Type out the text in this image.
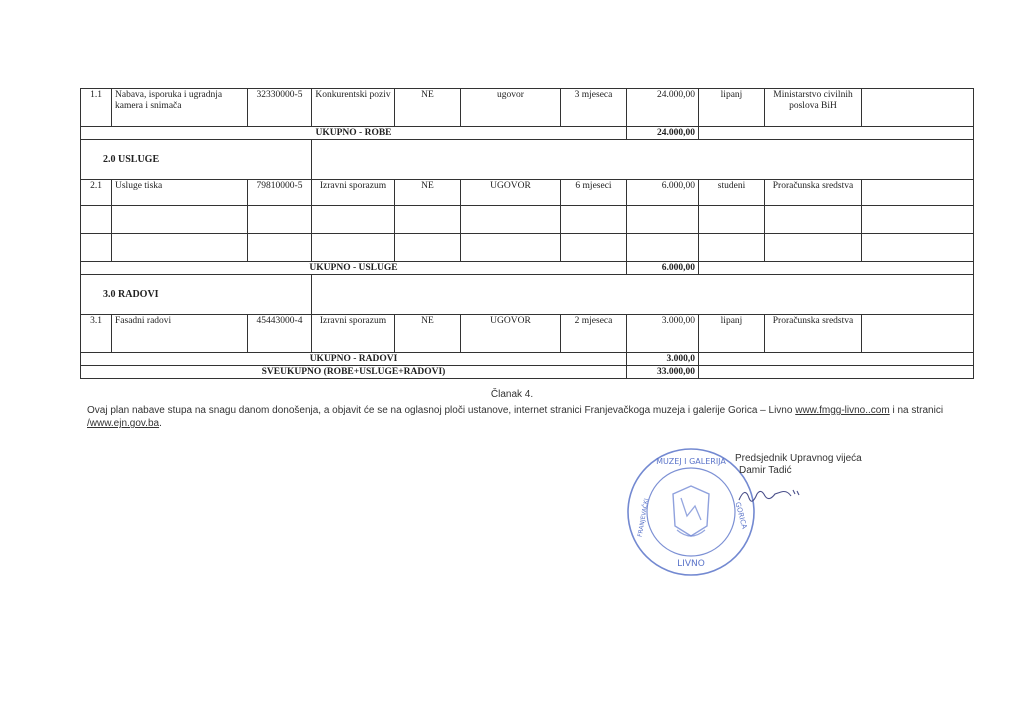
1.1	Nabava, isporuka i ugradnja kamera i snimača	32330000-5	Konkurentski poziv	NE	ugovor	3 mjeseca	24.000,00	lipanj	Ministarstvo civilnih poslova BiH	
UKUPNO - ROBE							24.000,00			
2.0 USLUGE										
2.1	Usluge tiska	79810000-5	Izravni sporazum	NE	UGOVOR	6 mjeseci	6.000,00	studeni	Proračunska sredstva	

UKUPNO - USLUGE							6.000,00			
3.0 RADOVI										
3.1	Fasadni radovi	45443000-4	Izravni sporazum	NE	UGOVOR	2 mjeseca	3.000,00	lipanj	Proračunska sredstva	
UKUPNO - RADOVI							3.000,0			
SVEUKUPNO (ROBE+USLUGE+RADOVI)							33.000,00			
Članak 4.
Ovaj plan nabave stupa na snagu danom donošenja, a objavit će se na oglasnoj ploči ustanove, internet stranici Franjevačkoga muzeja i galerije Gorica – Livno www.fmgg-livno..com i na stranici /www.ejn.gov.ba.
MUZEJ I GALERIJA
FRANJEVAČKI	GORICA
LIVNO
Predsjednik Upravnog vijeća
Damir Tadić
